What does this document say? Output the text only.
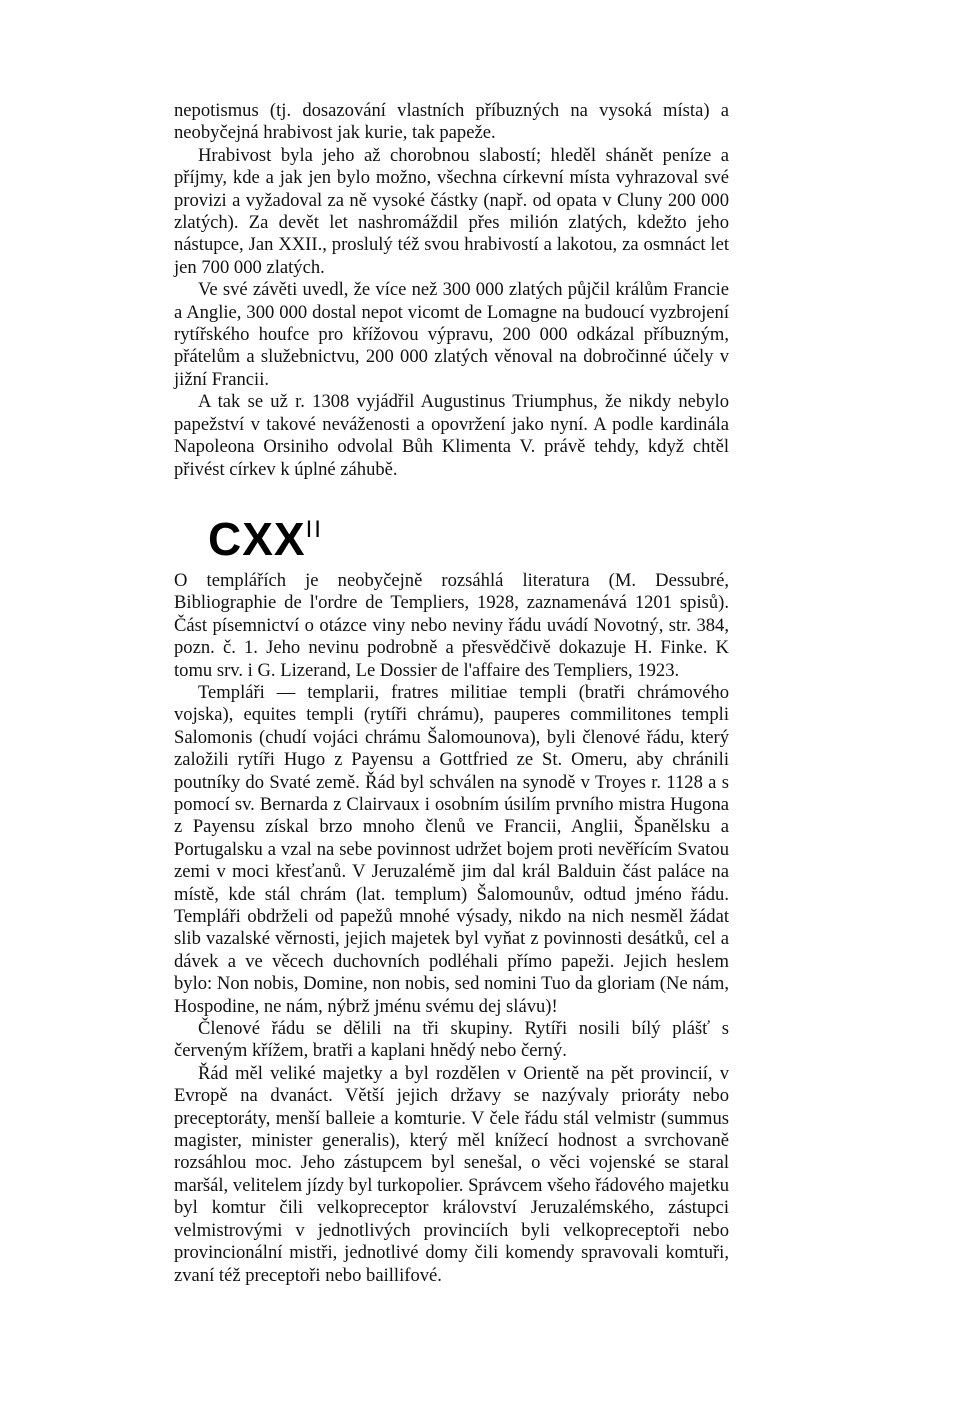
nepotismus (tj. dosazování vlastních příbuzných na vysoká místa) a neobyčejná hrabivost jak kurie, tak papeže.

Hrabivost byla jeho až chorobnou slabostí; hleděl shánět peníze a příjmy, kde a jak jen bylo možno, všechna církevní místa vyhrazoval své provizi a vyžadoval za ně vysoké částky (např. od opata v Cluny 200 000 zlatých). Za devět let nashromáždil přes milión zlatých, kdežto jeho nástupce, Jan XXII., proslulý též svou hrabivostí a lakotou, za osmnáct let jen 700 000 zlatých.

Ve své závěti uvedl, že více než 300 000 zlatých půjčil králům Francie a Anglie, 300 000 dostal nepot vicomt de Lomagne na budoucí vyzbrojení rytířského houfce pro křížovou výpravu, 200 000 odkázal příbuzným, přátelům a služebnictvu, 200 000 zlatých věnoval na dobročinné účely v jižní Francii.

A tak se už r. 1308 vyjádřil Augustinus Triumphus, že nikdy nebylo papežství v takové neváženosti a opovržení jako nyní. A podle kardinála Napoleona Orsiniho odvolal Bůh Klimenta V. právě tehdy, když chtěl přivést církev k úplné záhubě.

$CXX^{II}$

O templářích je neobyčejně rozsáhlá literatura (M. Dessubré, Bibliographie de l'ordre de Templiers, 1928, zaznamenává 1201 spisů). Část písemnictví o otázce viny nebo neviny řádu uvádí Novotný, str. 384, pozn. č. 1. Jeho nevinu podrobně a přesvědčivě dokazuje H. Finke. K tomu srv. i G. Lizerand, Le Dossier de l'affaire des Templiers, 1923.

Templáři — templarii, fratres militiae templi (bratři chrámového vojska), equites templi (rytíři chrámu), pauperes commilitones templi Salomonis (chudí vojáci chrámu Šalomounova), byli členové řádu, který založili rytíři Hugo z Payensu a Gottfried ze St. Omeru, aby chránili poutníky do Svaté země. Řád byl schválen na synodě v Troyes r. 1128 a s pomocí sv. Bernarda z Clairvaux i osobním úsilím prvního mistra Hugona z Payensu získal brzo mnoho členů ve Francii, Anglii, Španělsku a Portugalsku a vzal na sebe povinnost udržet bojem proti nevěřícím Svatou zemi v moci křesťanů. V Jeruzalémě jim dal král Balduin část paláce na místě, kde stál chrám (lat. templum) Šalomounův, odtud jméno řádu. Templáři obdrželi od papežů mnohé výsady, nikdo na nich nesměl žádat slib vazalské věrnosti, jejich majetek byl vyňat z povinnosti desátků, cel a dávek a ve věcech duchovních podléhali přímo papeži. Jejich heslem bylo: Non nobis, Domine, non nobis, sed nomini Tuo da gloriam (Ne nám, Hospodine, ne nám, nýbrž jménu svému dej slávu)!

Členové řádu se dělili na tři skupiny. Rytíři nosili bílý plášť s červeným křížem, bratři a kaplani hnědý nebo černý.

Řád měl veliké majetky a byl rozdělen v Orientě na pět provincií, v Evropě na dvanáct. Větší jejich državy se nazývaly prioráty nebo preceptoráty, menší balleie a komturie. V čele řádu stál velmistr (summus magister, minister generalis), který měl knížecí hodnost a svrchovaně rozsáhlou moc. Jeho zástupcem byl senešal, o věci vojenské se staral maršál, velitelem jízdy byl turkopolier. Správcem všeho řádového majetku byl komtur čili velkopreceptor království Jeruzalémského, zástupci velmistrovými v jednotlivých provinciích byli velkopreceptoři nebo provincionální mistři, jednotlivé domy čili komendy spravovali komtuři, zvaní též preceptoři nebo baillifové.
